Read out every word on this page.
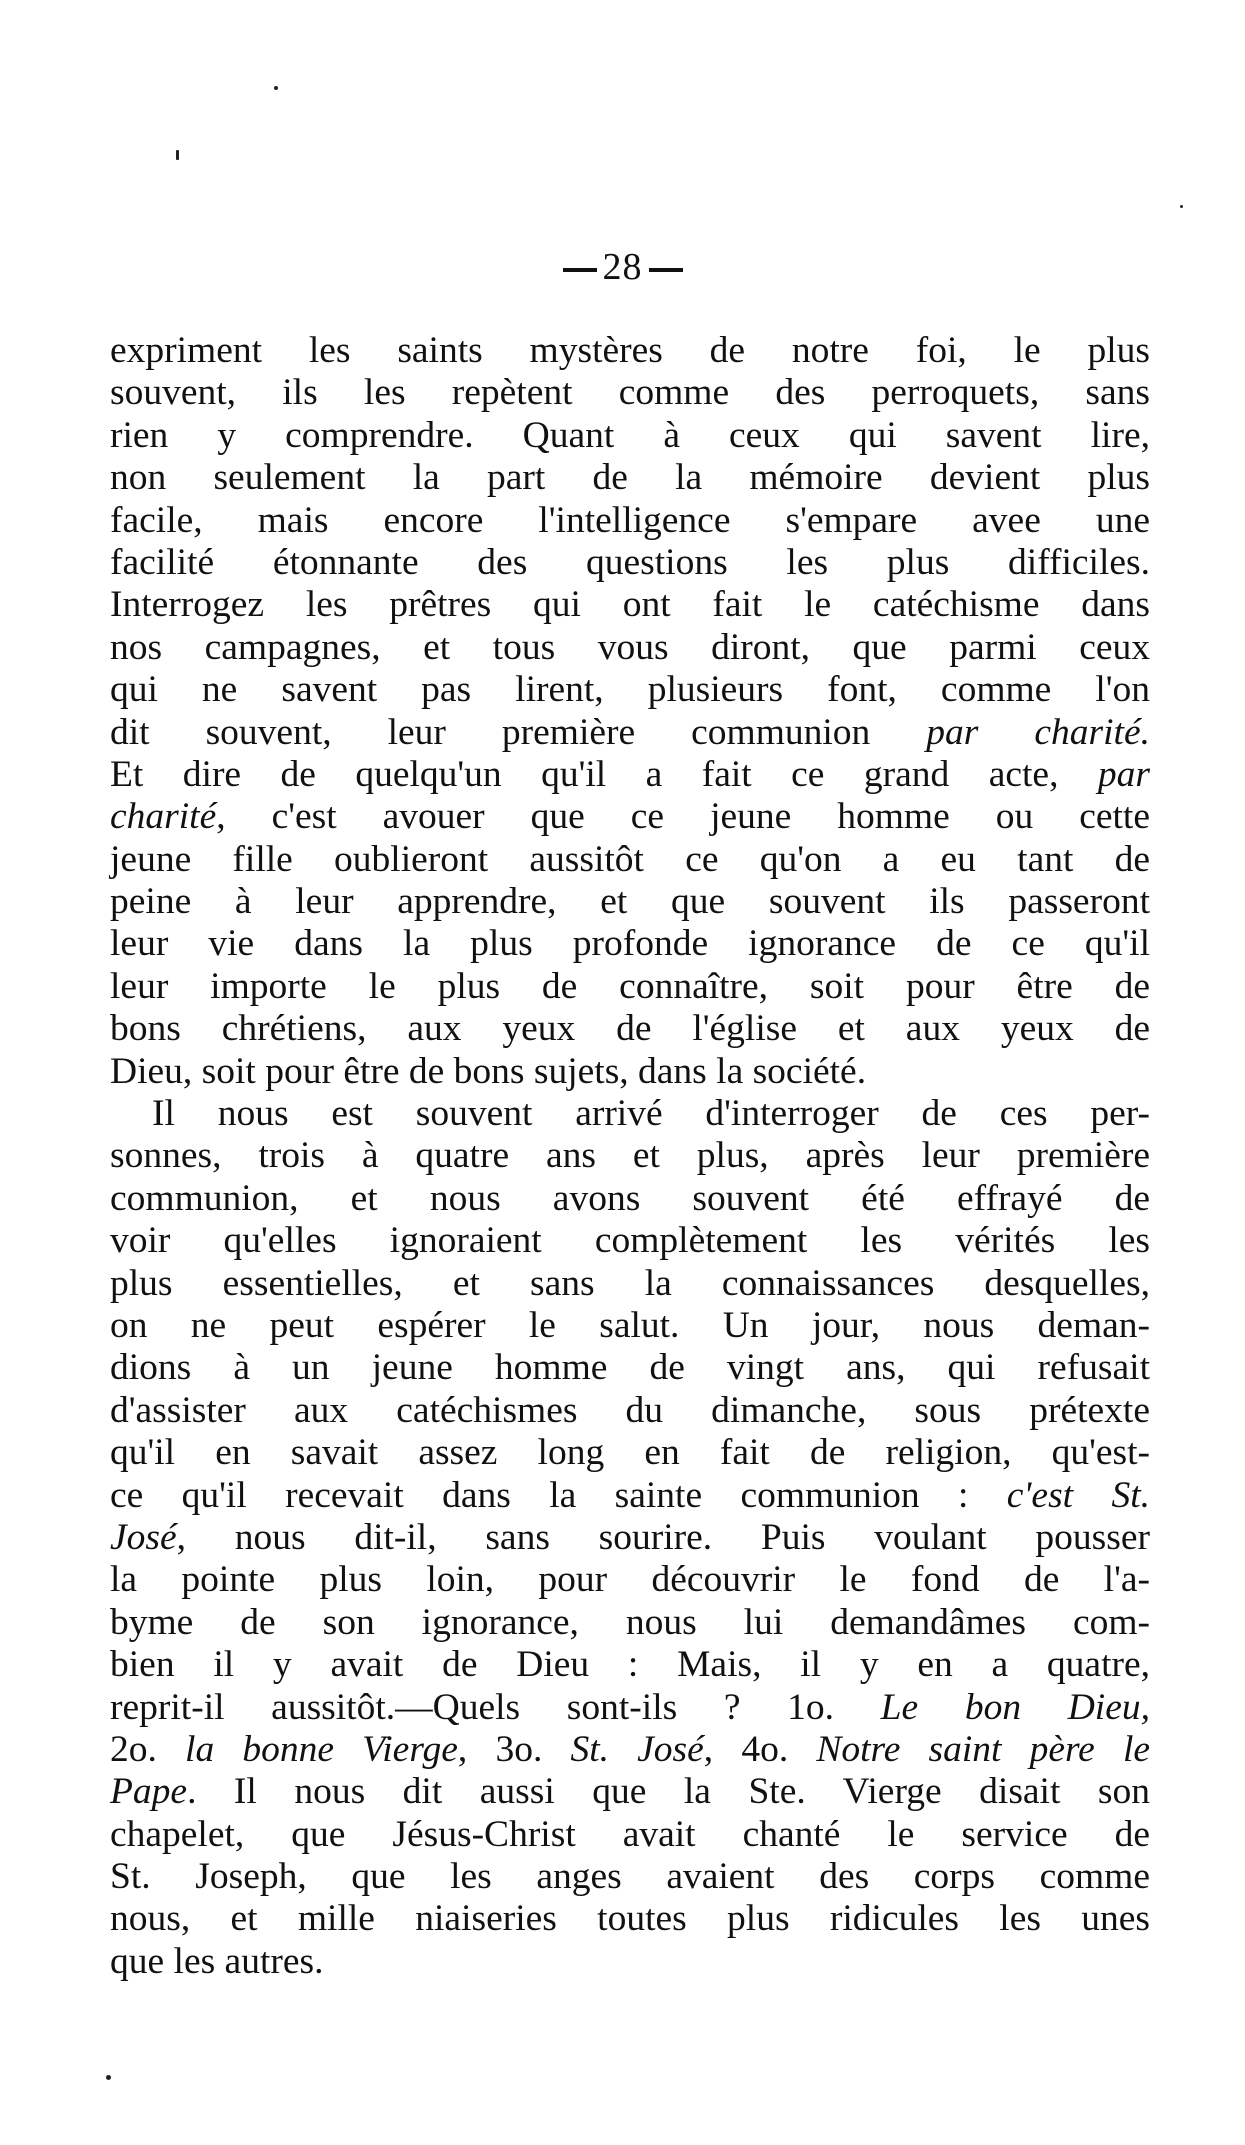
28
expriment les saints mystères de notre foi, le plus
souvent, ils les repètent comme des perroquets, sans
rien y comprendre. Quant à ceux qui savent lire,
non seulement la part de la mémoire devient plus
facile, mais encore l'intelligence s'empare avee une
facilité étonnante des questions les plus difficiles.
Interrogez les prêtres qui ont fait le catéchisme dans
nos campagnes, et tous vous diront, que parmi ceux
qui ne savent pas lirent, plusieurs font, comme l'on
dit souvent, leur première communion par charité.
Et dire de quelqu'un qu'il a fait ce grand acte, par
charité, c'est avouer que ce jeune homme ou cette
jeune fille oublieront aussitôt ce qu'on a eu tant de
peine à leur apprendre, et que souvent ils passeront
leur vie dans la plus profonde ignorance de ce qu'il
leur importe le plus de connaître, soit pour être de
bons chrétiens, aux yeux de l'église et aux yeux de
Dieu, soit pour être de bons sujets, dans la société.
Il nous est souvent arrivé d'interroger de ces per-
sonnes, trois à quatre ans et plus, après leur première
communion, et nous avons souvent été effrayé de
voir qu'elles ignoraient complètement les vérités les
plus essentielles, et sans la connaissances desquelles,
on ne peut espérer le salut. Un jour, nous deman-
dions à un jeune homme de vingt ans, qui refusait
d'assister aux catéchismes du dimanche, sous prétexte
qu'il en savait assez long en fait de religion, qu'est-
ce qu'il recevait dans la sainte communion : c'est St.
José, nous dit-il, sans sourire. Puis voulant pousser
la pointe plus loin, pour découvrir le fond de l'a-
byme de son ignorance, nous lui demandâmes com-
bien il y avait de Dieu : Mais, il y en a quatre,
reprit-il aussitôt.—Quels sont-ils ? 1o. Le bon Dieu,
2o. la bonne Vierge, 3o. St. José, 4o. Notre saint père le
Pape. Il nous dit aussi que la Ste. Vierge disait son
chapelet, que Jésus-Christ avait chanté le service de
St. Joseph, que les anges avaient des corps comme
nous, et mille niaiseries toutes plus ridicules les unes
que les autres.
